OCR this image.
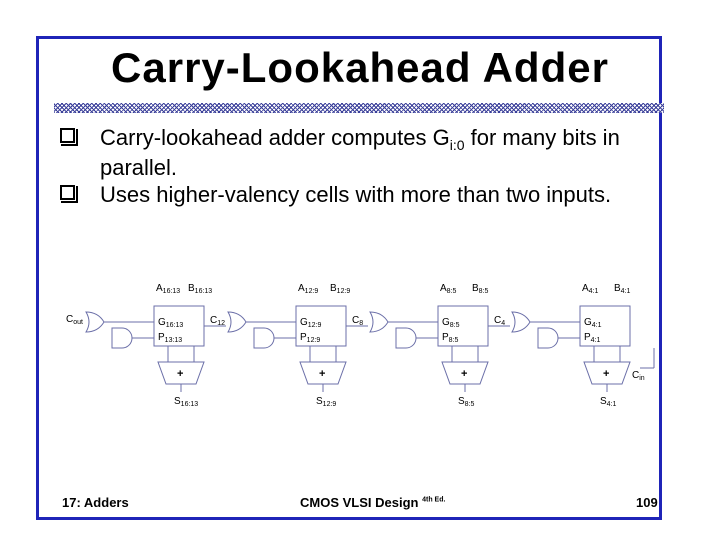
Carry-Lookahead Adder
Carry-lookahead adder computes $G_{i:0}$ for many bits in parallel.
Uses higher-valency cells with more than two inputs.
$A_{16:13}$ $B_{16:13}$
$G_{16:13}$
$P_{13:13}$
$C_{12}$
+
$S_{16:13}$
$A_{12:9}$ $B_{12:9}$
$G_{12:9}$
$P_{12:9}$
$C_8$
+
$S_{12:9}$
$A_{8:5}$ $B_{8:5}$
$G_{8:5}$
$P_{8:5}$
$C_4$
+
$S_{8:5}$
$A_{4:1}$ $B_{4:1}$
$G_{4:1}$
$P_{4:1}$
+
$S_{4:1}$
$C_{out}$
$C_{in}$
17: Adders	CMOS VLSI Design $^{4th Ed.}$	109
